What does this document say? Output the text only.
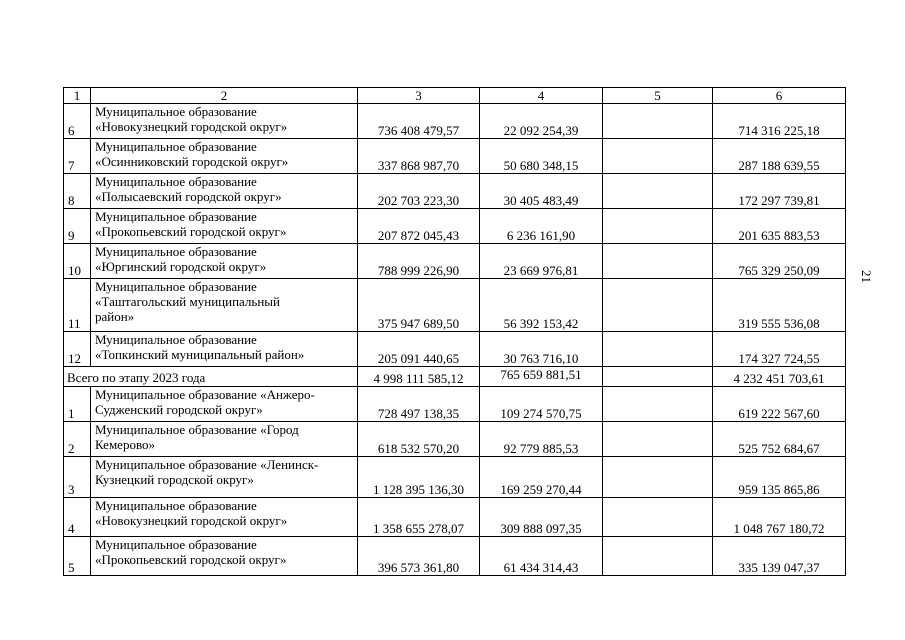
21
1	2	3	4	5	6
6	Муниципальное образование
«Новокузнецкий городской округ»	736 408 479,57	22 092 254,39		714 316 225,18
7	Муниципальное образование
«Осинниковский городской округ»	337 868 987,70	50 680 348,15		287 188 639,55
8	Муниципальное образование
«Полысаевский городской округ»	202 703 223,30	30 405 483,49		172 297 739,81
9	Муниципальное образование
«Прокопьевский городской округ»	207 872 045,43	6 236 161,90		201 635 883,53
10	Муниципальное образование
«Юргинский городской округ»	788 999 226,90	23 669 976,81		765 329 250,09
11	Муниципальное образование
«Таштагольский муниципальный
район»	375 947 689,50	56 392 153,42		319 555 536,08
12	Муниципальное образование
«Топкинский муниципальный район»	205 091 440,65	30 763 716,10		174 327 724,55
Всего по этапу 2023 года		4 998 111 585,12	765 659 881,51		4 232 451 703,61
1	Муниципальное образование «Анжеро-
Судженский городской округ»	728 497 138,35	109 274 570,75		619 222 567,60
2	Муниципальное образование «Город
Кемерово»	618 532 570,20	92 779 885,53		525 752 684,67
3	Муниципальное образование «Ленинск-
Кузнецкий городской округ»	1 128 395 136,30	169 259 270,44		959 135 865,86
4	Муниципальное образование
«Новокузнецкий городской округ»	1 358 655 278,07	309 888 097,35		1 048 767 180,72
5	Муниципальное образование
«Прокопьевский городской округ»	396 573 361,80	61 434 314,43		335 139 047,37
